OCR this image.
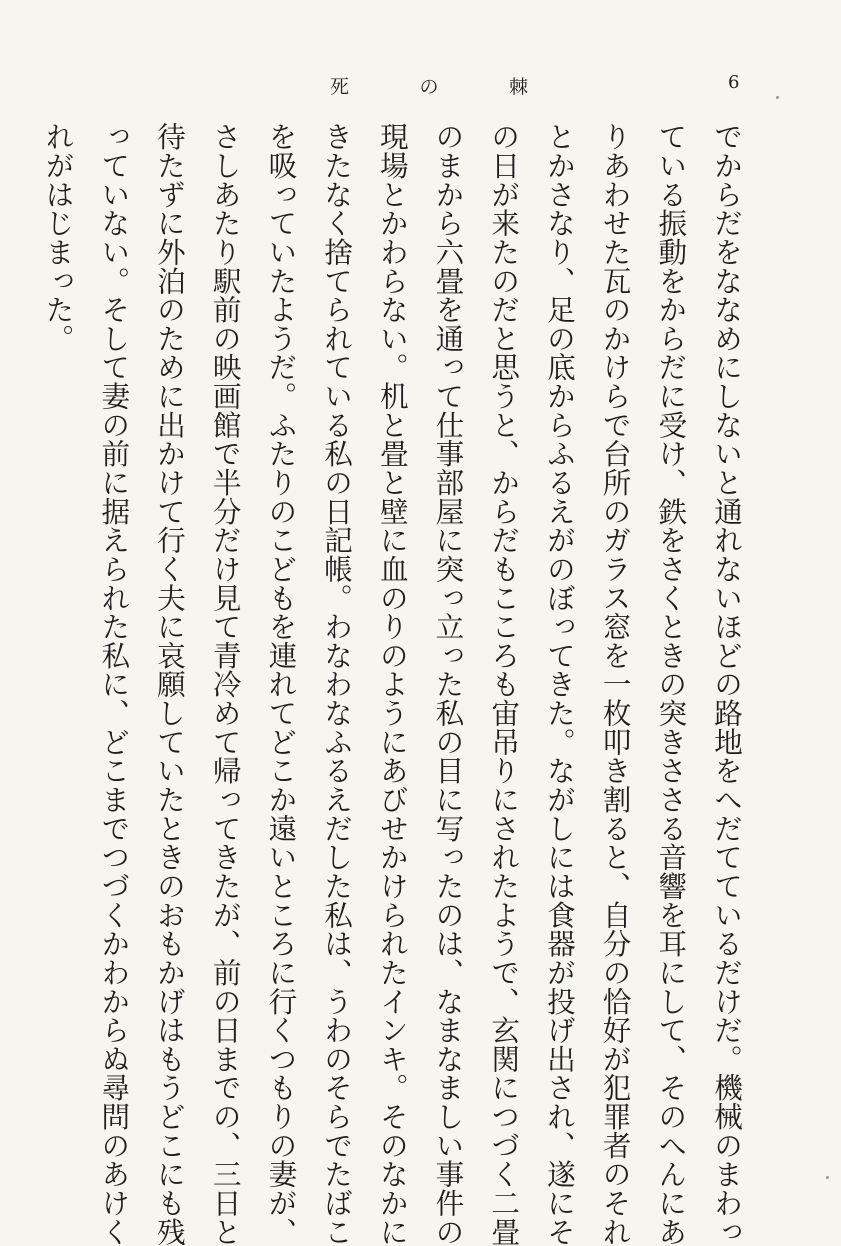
死	の	棘	6
でからだをななめにしないと通れないほどの路地をへだてているだけだ。機械のまわっ
ている振動をからだに受け、鉄をさくときの突きささる音響を耳にして、そのへんにあ
りあわせた瓦のかけらで台所のガラス窓を一枚叩き割ると、自分の恰好が犯罪者のそれ
とかさなり、足の底からふるえがのぼってきた。ながしには食器が投げ出され、遂にそ
の日が来たのだと思うと、からだもこころも宙吊りにされたようで、玄関につづく二畳
のまから六畳を通って仕事部屋に突っ立った私の目に写ったのは、なまなましい事件の
現場とかわらない。机と畳と壁に血のりのようにあびせかけられたインキ。そのなかに
きたなく捨てられている私の日記帳。わなわなふるえだした私は、うわのそらでたばこ
を吸っていたようだ。ふたりのこどもを連れてどこか遠いところに行くつもりの妻が、
さしあたり駅前の映画館で半分だけ見て青冷めて帰ってきたが、前の日までの、三日と
待たずに外泊のために出かけて行く夫に哀願していたときのおもかげはもうどこにも残
っていない。そして妻の前に据えられた私に、どこまでつづくかわからぬ尋問のあけく
れがはじまった。
